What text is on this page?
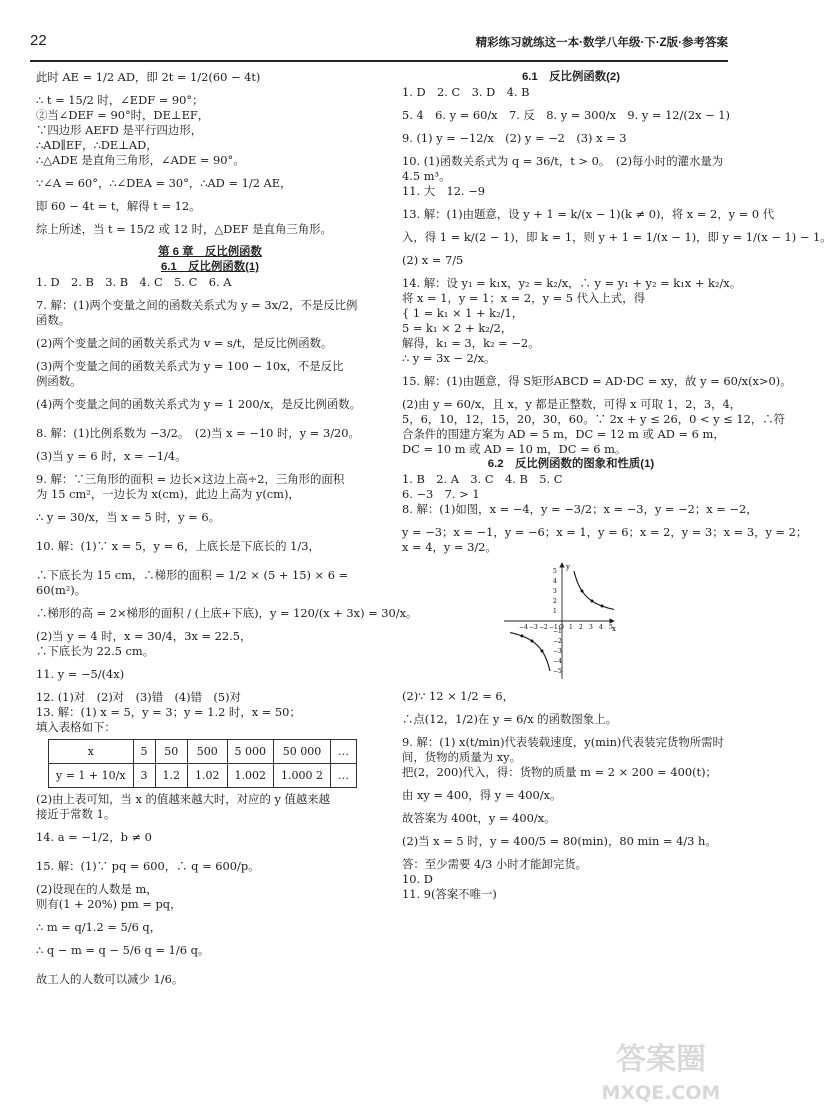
22	精彩练习就练这一本·数学八年级·下·Z版·参考答案
此时 AE = 1/2 AD，即 2t = 1/2(60 − 4t)
∴ t = 15/2 时，∠EDF = 90°；
②当∠DEF = 90°时，DE⊥EF，
∵四边形 AEFD 是平行四边形，
∴AD∥EF，∴DE⊥AD，
∴△ADE 是直角三角形，∠ADE = 90°。
∵∠A = 60°，∴∠DEA = 30°，∴AD = 1/2 AE，
即 60 − 4t = t，解得 t = 12。
综上所述，当 t = 15/2 或 12 时，△DEF 是直角三角形。
第 6 章　反比例函数
6.1　反比例函数(1)
1. D　2. B　3. B　4. C　5. C　6. A
7. 解：(1)两个变量之间的函数关系式为 y = 3x/2，不是反比例
函数。
(2)两个变量之间的函数关系式为 v = s/t，是反比例函数。
(3)两个变量之间的函数关系式为 y = 100 − 10x，不是反比
例函数。
(4)两个变量之间的函数关系式为 y = 1 200/x，是反比例函数。
8. 解：(1)比例系数为 −3/2。　(2)当 x = −10 时，y = 3/20。
(3)当 y = 6 时，x = −1/4。
9. 解：∵三角形的面积 = 边长×这边上高÷2，三角形的面积
为 15 cm²，一边长为 x(cm)，此边上高为 y(cm)，
∴ y = 30/x，当 x = 5 时，y = 6。
10. 解：(1)∵ x = 5，y = 6，上底长是下底长的 1/3，
∴下底长为 15 cm，∴梯形的面积 = 1/2 × (5 + 15) × 6 =
60(m²)。
∴梯形的高 = 2×梯形的面积 / (上底+下底)，y = 120/(x + 3x) = 30/x。
(2)当 y = 4 时，x = 30/4，3x = 22.5，
∴下底长为 22.5 cm。
11. y = −5/(4x)
12. (1)对　(2)对　(3)错　(4)错　(5)对
13. 解：(1) x = 5，y = 3；y = 1.2 时，x = 50；
填入表格如下：
x	5	50	500	5 000	50 000	…
y = 1 + 10/x	3	1.2	1.02	1.002	1.000 2	…
(2)由上表可知，当 x 的值越来越大时，对应的 y 值越来越
接近于常数 1。
14. a = −1/2，b ≠ 0
15. 解：(1)∵ pq = 600，∴ q = 600/p。
(2)设现在的人数是 m，
则有(1 + 20%) pm = pq，
∴ m = q/1.2 = 5/6 q，
∴ q − m = q − 5/6 q = 1/6 q。
故工人的人数可以减少 1/6。
6.1　反比例函数(2)
1. D　2. C　3. D　4. B
5. 4　6. y = 60/x　7. 反　8. y = 300/x　9. y = 12/(2x − 1)
9. (1) y = −12/x　(2) y = −2　(3) x = 3
10. (1)函数关系式为 q = 36/t，t > 0。　(2)每小时的灌水量为
4.5 m³。
11. 大　12. −9
13. 解：(1)由题意，设 y + 1 = k/(x − 1)(k ≠ 0)，将 x = 2，y = 0 代
入，得 1 = k/(2 − 1)，即 k = 1，则 y + 1 = 1/(x − 1)，即 y = 1/(x − 1) − 1。
(2) x = 7/5
14. 解：设 y₁ = k₁x，y₂ = k₂/x，∴ y = y₁ + y₂ = k₁x + k₂/x。
将 x = 1，y = 1；x = 2，y = 5 代入上式，得
{ 1 = k₁ × 1 + k₂/1，
5 = k₁ × 2 + k₂/2，
解得，k₁ = 3，k₂ = −2。
∴ y = 3x − 2/x。
15. 解：(1)由题意，得 S矩形ABCD = AD·DC = xy，故 y = 60/x(x>0)。
(2)由 y = 60/x，且 x，y 都是正整数，可得 x 可取 1，2，3，4，
5，6，10，12，15，20，30，60。∵ 2x + y ≤ 26，0 < y ≤ 12，∴符
合条件的围建方案为 AD = 5 m，DC = 12 m 或 AD = 6 m，
DC = 10 m 或 AD = 10 m，DC = 6 m。
6.2　反比例函数的图象和性质(1)
1. B　2. A　3. C　4. B　5. C
6. −3　7. > 1
8. 解：(1)如图，x = −4，y = −3/2；x = −3，y = −2；x = −2，
y = −3；x = −1，y = −6；x = 1，y = 6；x = 2，y = 3；x = 3，y = 2；
x = 4，y = 3/2。
−4 −3 −2 −1 O 1 2 3 4 5
5
4
3
2
1
−1
−2
−3
−4
−5
x
y
(2)∵ 12 × 1/2 = 6，
∴点(12，1/2)在 y = 6/x 的函数图象上。
9. 解：(1) x(t/min)代表装载速度，y(min)代表装完货物所需时
间，货物的质量为 xy。
把(2，200)代入，得：货物的质量 m = 2 × 200 = 400(t)；
由 xy = 400，得 y = 400/x。
故答案为 400t，y = 400/x。
(2)当 x = 5 时，y = 400/5 = 80(min)，80 min = 4/3 h。
答：至少需要 4/3 小时才能卸完货。
10. D
11. 9(答案不唯一)
答案圈
MXQE.COM
